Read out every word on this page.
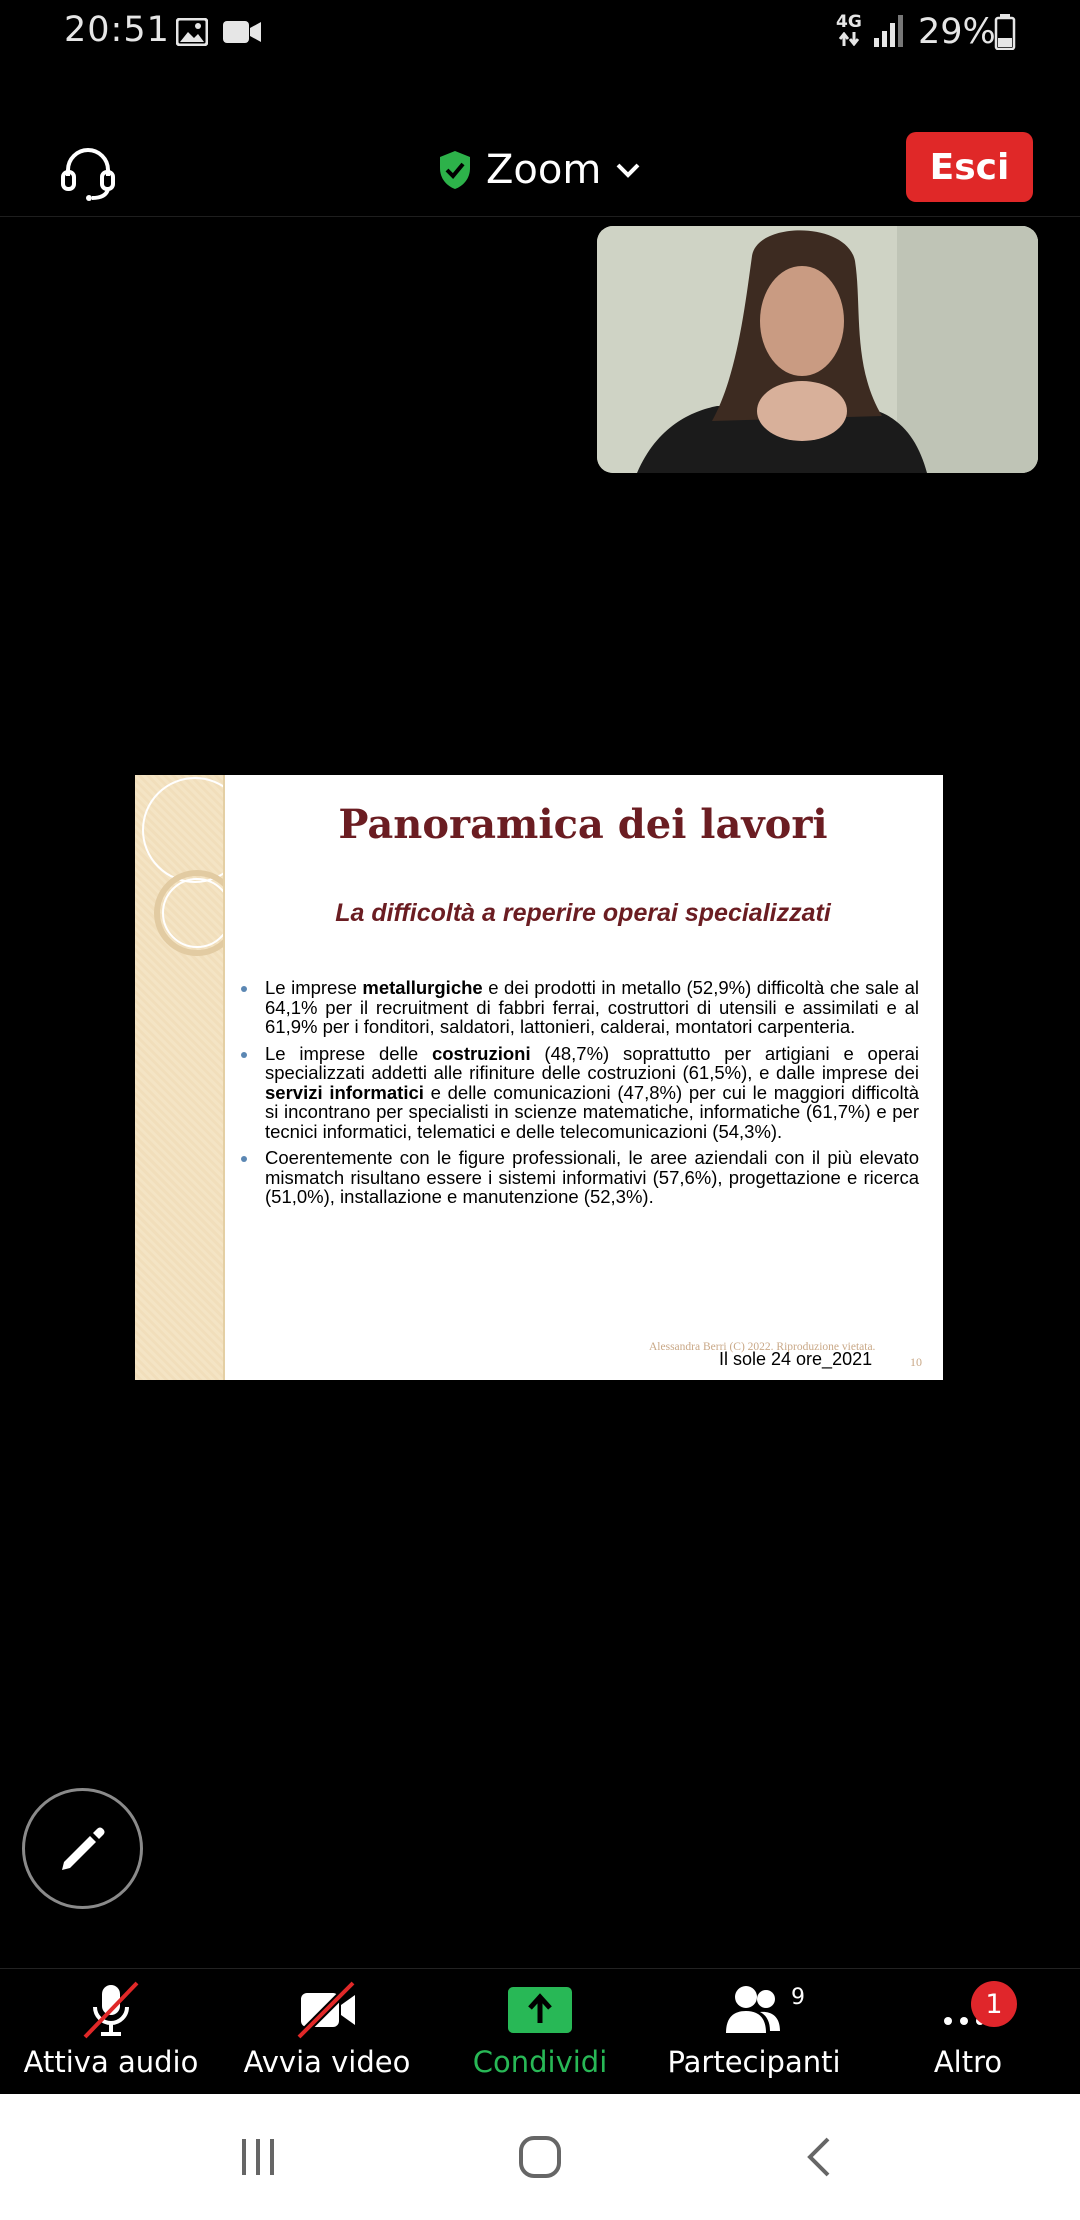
20:51	4G 29%
Zoom	Esci
Panoramica dei lavori
La difficoltà a reperire operai specializzati
Le imprese metallurgiche e dei prodotti in metallo (52,9%) difficoltà che sale al 64,1% per il recruitment di fabbri ferrai, costruttori di utensili e assimilati e al 61,9% per i fonditori, saldatori, lattonieri, calderai, montatori carpenteria.
Le imprese delle costruzioni (48,7%) soprattutto per artigiani e operai specializzati addetti alle rifiniture delle costruzioni (61,5%), e dalle imprese dei servizi informatici e delle comunicazioni (47,8%) per cui le maggiori difficoltà si incontrano per specialisti in scienze matematiche, informatiche (61,7%) e per tecnici informatici, telematici e delle telecomunicazioni (54,3%).
Coerentemente con le figure professionali, le aree aziendali con il più elevato mismatch risultano essere i sistemi informativi (57,6%), progettazione e ricerca (51,0%), installazione e manutenzione (52,3%).
Alessandra Berri (C) 2022. Riproduzione vietata.
Il sole 24 ore_2021	10
Attiva audio	Avvia video	Condividi
9
Partecipanti
1
Altro
